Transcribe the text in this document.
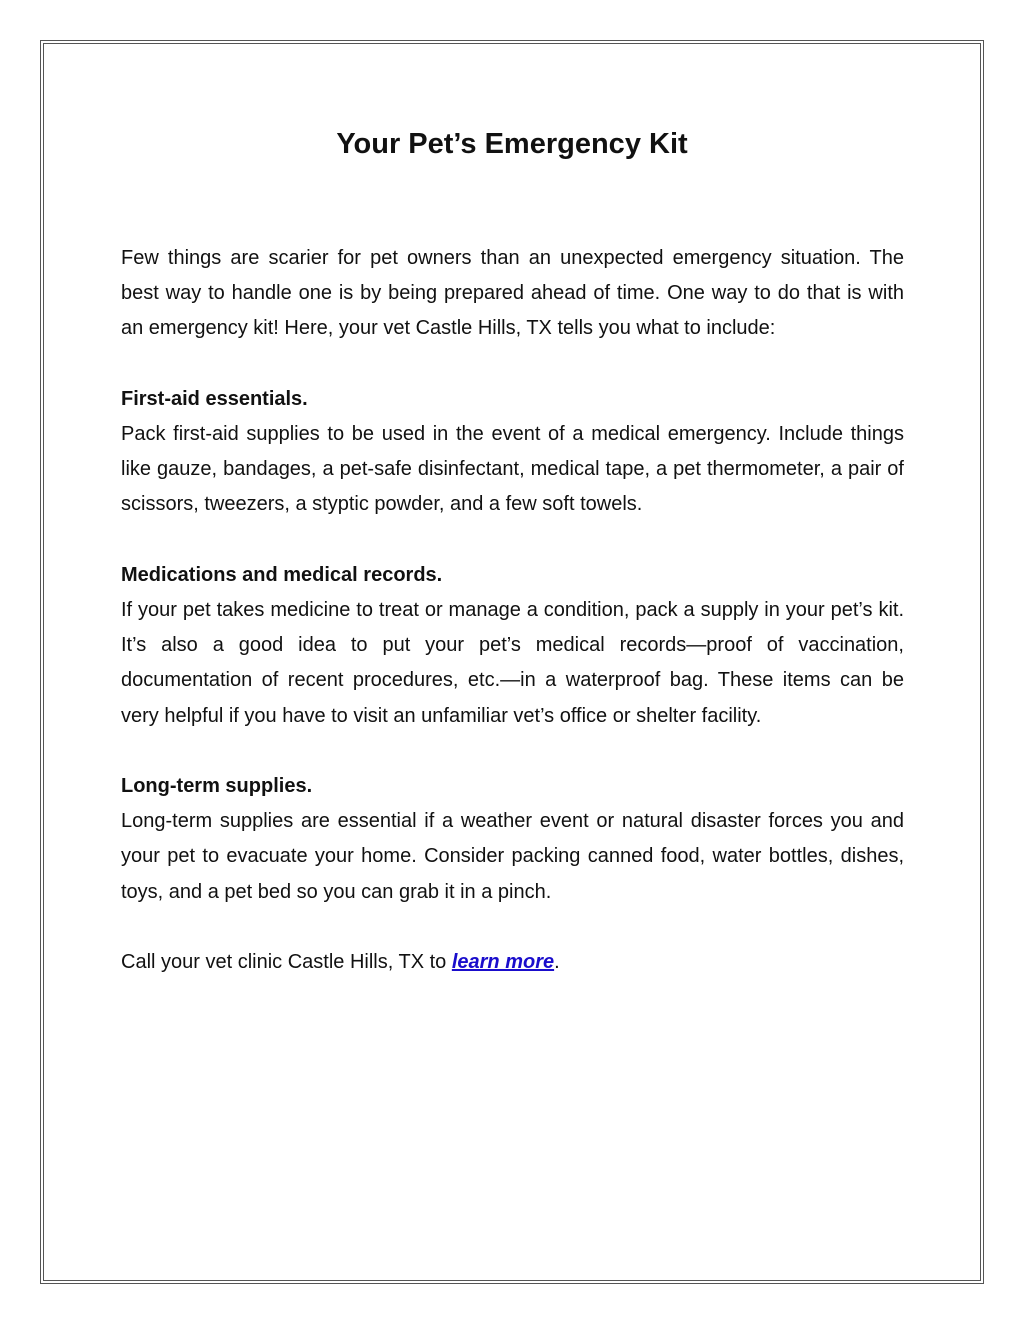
Your Pet’s Emergency Kit

Few things are scarier for pet owners than an unexpected emergency situation. The best way to handle one is by being prepared ahead of time. One way to do that is with an emergency kit! Here, your vet Castle Hills, TX tells you what to include:

First-aid essentials.

Pack first-aid supplies to be used in the event of a medical emergency. Include things like gauze, bandages, a pet-safe disinfectant, medical tape, a pet thermometer, a pair of scissors, tweezers, a styptic powder, and a few soft towels.

Medications and medical records.

If your pet takes medicine to treat or manage a condition, pack a supply in your pet’s kit. It’s also a good idea to put your pet’s medical records—proof of vaccination, documentation of recent procedures, etc.—in a waterproof bag. These items can be very helpful if you have to visit an unfamiliar vet’s office or shelter facility.

Long-term supplies.

Long-term supplies are essential if a weather event or natural disaster forces you and your pet to evacuate your home. Consider packing canned food, water bottles, dishes, toys, and a pet bed so you can grab it in a pinch.

Call your vet clinic Castle Hills, TX to learn more.
